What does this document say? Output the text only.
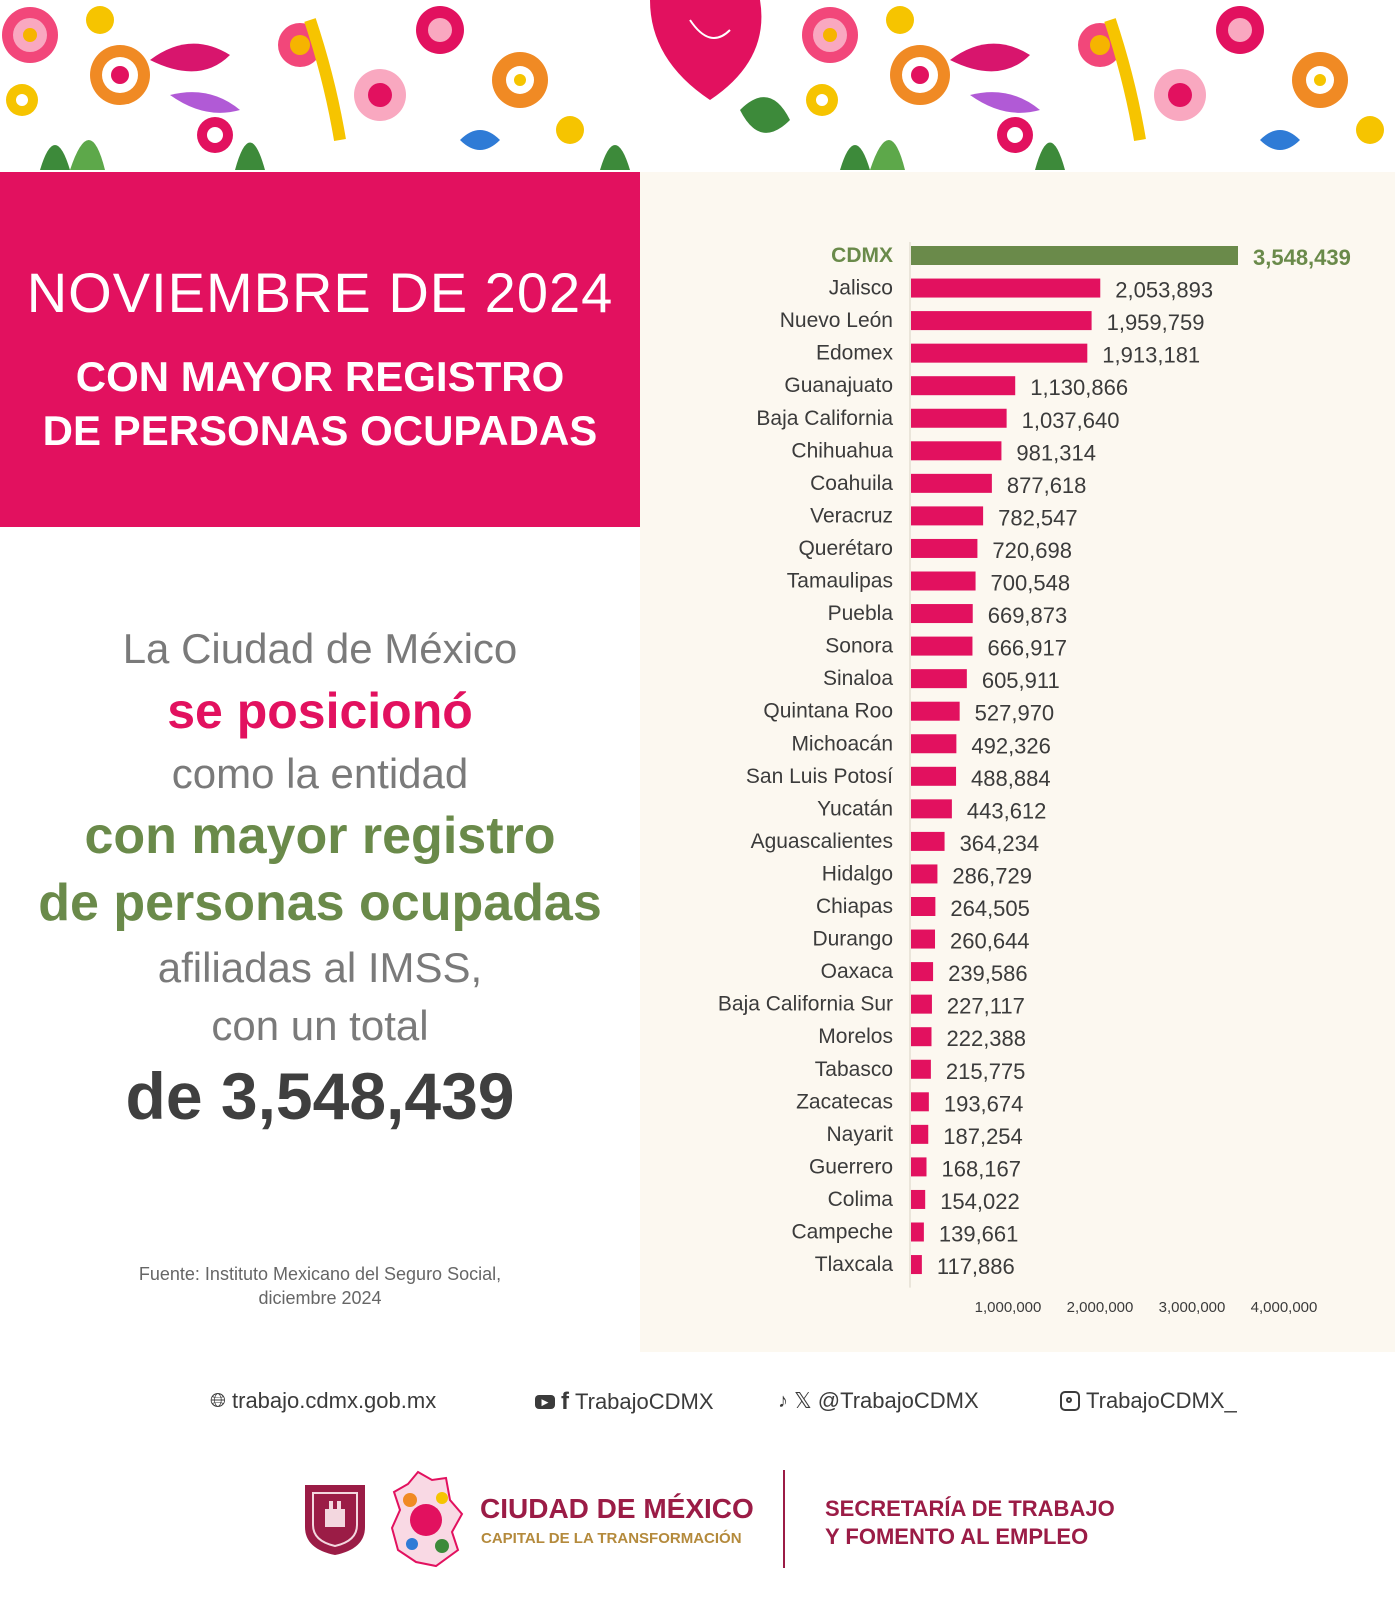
NOVIEMBRE DE 2024
CON MAYOR REGISTRO
DE PERSONAS OCUPADAS
La Ciudad de México
se posicionó
como la entidad
con mayor registro
de personas ocupadas
afiliadas al IMSS,
con un total
de 3,548,439
Fuente: Instituto Mexicano del Seguro Social,
diciembre 2024
CDMX	3,548,439
Jalisco	2,053,893
Nuevo León	1,959,759
Edomex	1,913,181
Guanajuato	1,130,866
Baja California	1,037,640
Chihuahua	981,314
Coahuila	877,618
Veracruz	782,547
Querétaro	720,698
Tamaulipas	700,548
Puebla	669,873
Sonora	666,917
Sinaloa	605,911
Quintana Roo	527,970
Michoacán	492,326
San Luis Potosí	488,884
Yucatán	443,612
Aguascalientes	364,234
Hidalgo	286,729
Chiapas	264,505
Durango	260,644
Oaxaca	239,586
Baja California Sur 227,117
Morelos 222,388
Tabasco 215,775
Zacatecas 193,674
Nayarit 187,254
Guerrero 168,167
Colima 154,022
Campeche 139,661
Tlaxcala 117,886
1,000,000 2,000,000 3,000,000 4,000,000
🌐︎ trabajo.cdmx.gob.mx	▶ f TrabajoCDMX	♪ 𝕏 @TrabajoCDMX	TrabajoCDMX_
CIUDAD DE MÉXICO
CAPITAL DE LA TRANSFORMACIÓN
SECRETARÍA DE TRABAJO
Y FOMENTO AL EMPLEO
